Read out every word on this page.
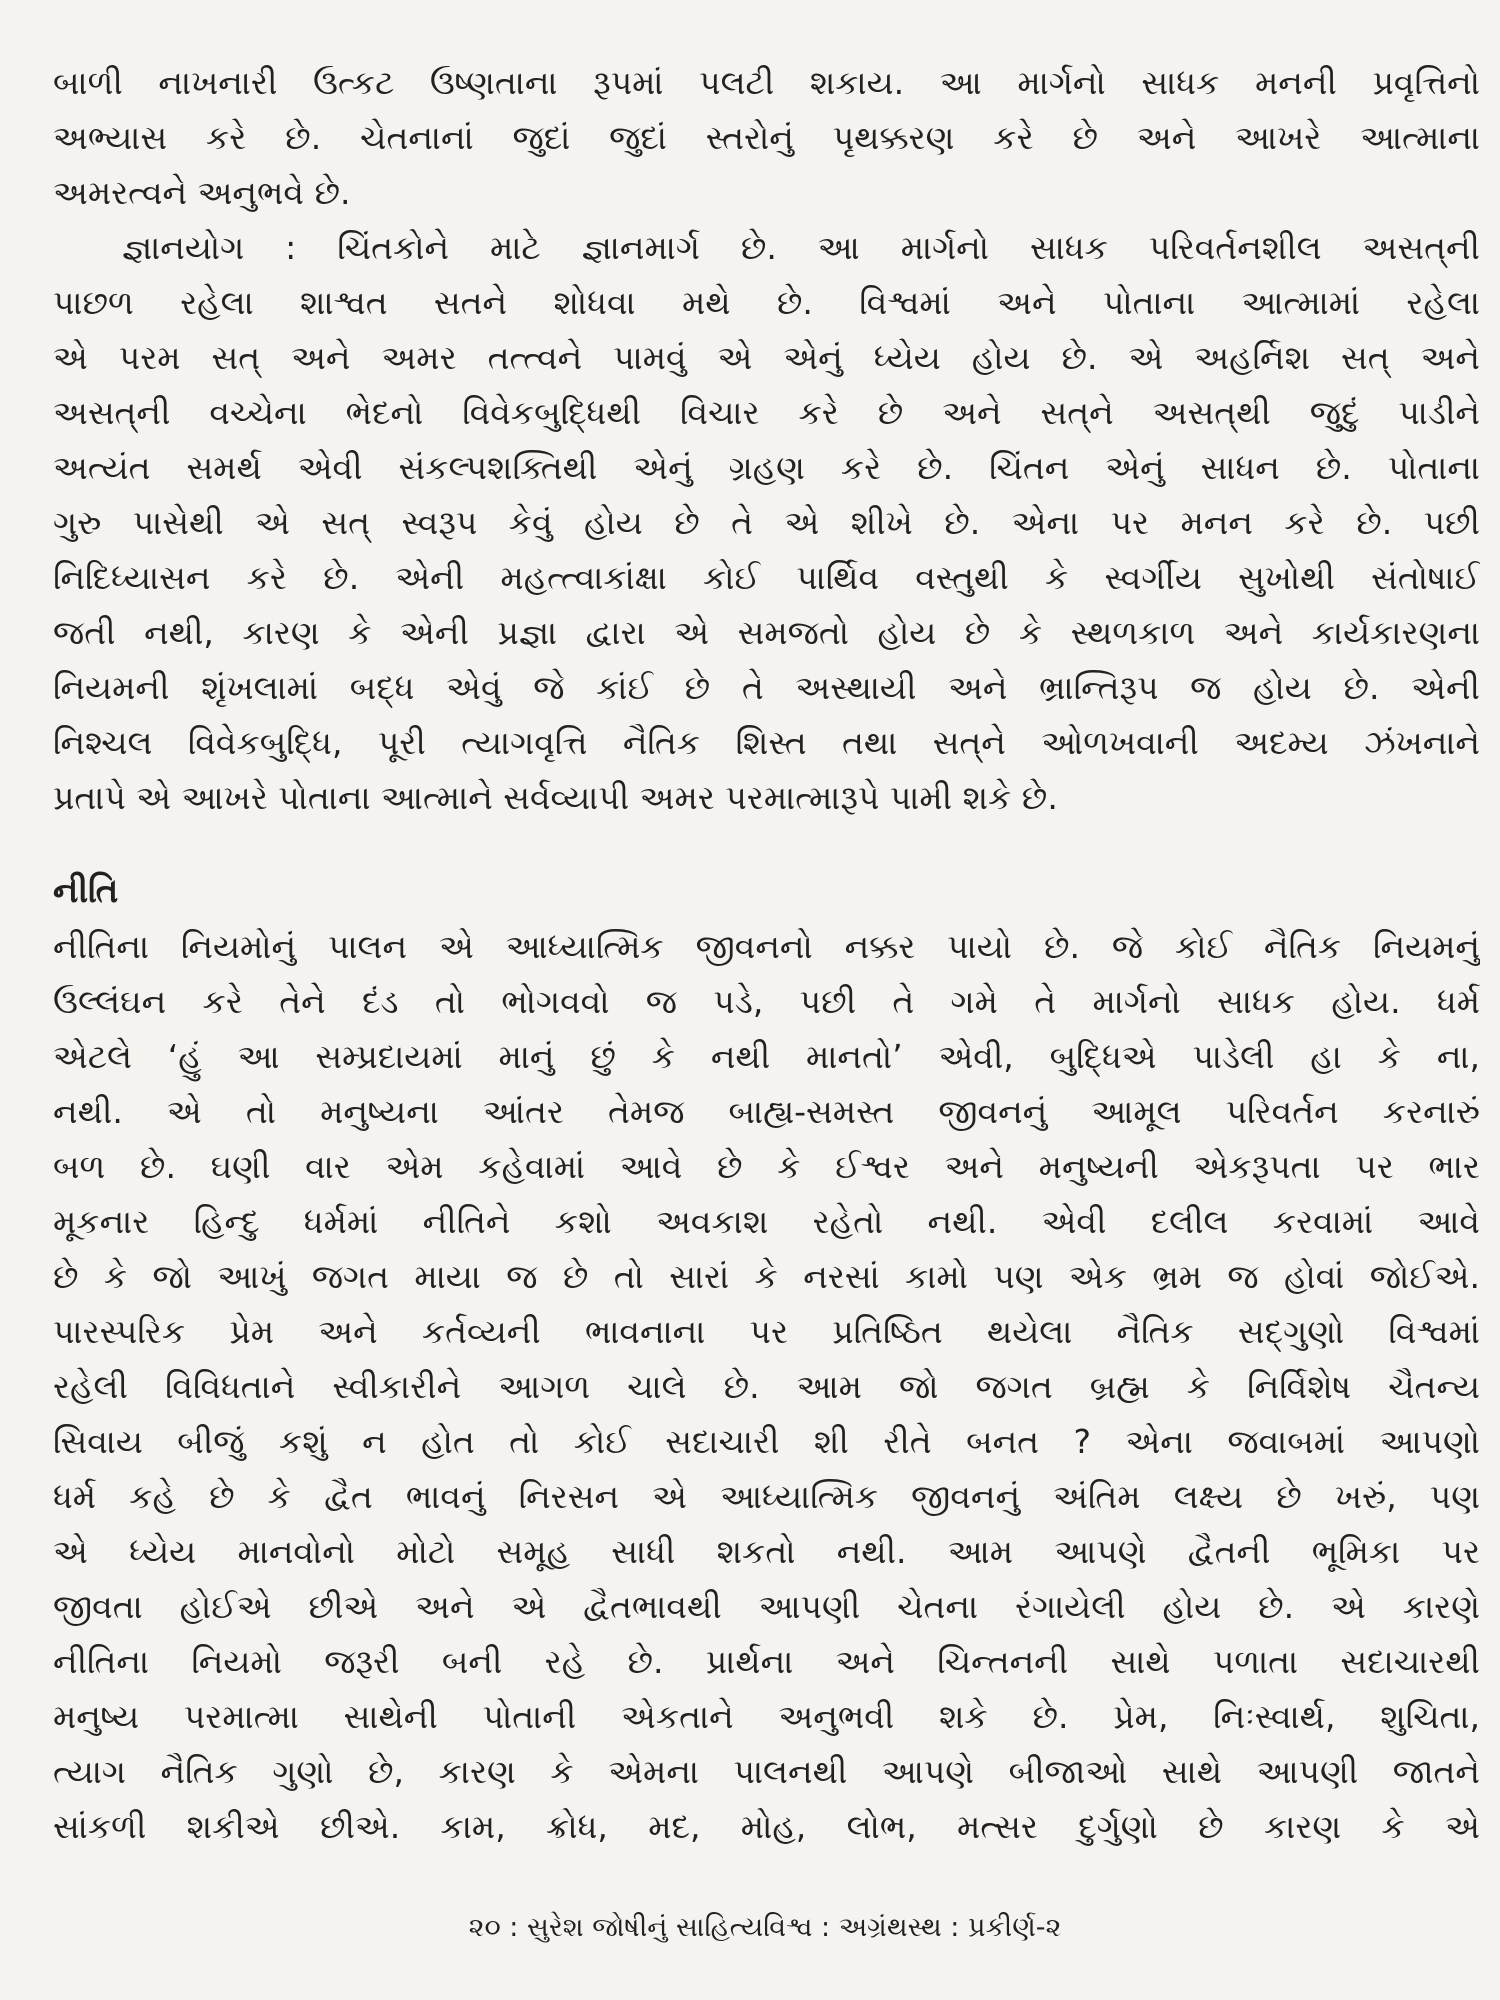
બાળી નાખનારી ઉત્કટ ઉષ્ણતાના રૂપમાં પલટી શકાય. આ માર્ગનો સાધક મનની પ્રવૃત્તિનો
અભ્યાસ કરે છે. ચેતનાનાં જુદાં જુદાં સ્તરોનું પૃથક્કરણ કરે છે અને આખરે આત્માના
અમરત્વને અનુભવે છે.
જ્ઞાનયોગ : ચિંતકોને માટે જ્ઞાનમાર્ગ છે. આ માર્ગનો સાધક પરિવર્તનશીલ અસત્‌ની
પાછળ રહેલા શાશ્વત સતને શોધવા મથે છે. વિશ્વમાં અને પોતાના આત્મામાં રહેલા
એ પરમ સત્‌ અને અમર તત્ત્વને પામવું એ એનું ધ્યેય હોય છે. એ અહર્નિશ સત્‌ અને
અસત્‌ની વચ્ચેના ભેદનો વિવેકબુદ્ધિથી વિચાર કરે છે અને સત્‌ને અસત્‌થી જુદું પાડીને
અત્યંત સમર્થ એવી સંકલ્પશક્તિથી એનું ગ્રહણ કરે છે. ચિંતન એનું સાધન છે. પોતાના
ગુરુ પાસેથી એ સત્‌ સ્વરૂપ કેવું હોય છે તે એ શીખે છે. એના પર મનન કરે છે. પછી
નિદિધ્યાસન કરે છે. એની મહત્ત્વાકાંક્ષા કોઈ પાર્થિવ વસ્તુથી કે સ્વર્ગીય સુખોથી સંતોષાઈ
જતી નથી, કારણ કે એની પ્રજ્ઞા દ્વારા એ સમજતો હોય છે કે સ્થળકાળ અને કાર્યકારણના
નિયમની શૃંખલામાં બદ્ધ એવું જે કાંઈ છે તે અસ્થાયી અને ભ્રાન્તિરૂપ જ હોય છે. એની
નિશ્ચલ વિવેકબુદ્ધિ, પૂરી ત્યાગવૃત્તિ નૈતિક શિસ્ત તથા સત્‌ને ઓળખવાની અદમ્ય ઝંખનાને
પ્રતાપે એ આખરે પોતાના આત્માને સર્વવ્યાપી અમર પરમાત્મારૂપે પામી શકે છે.
નીતિ
નીતિના નિયમોનું પાલન એ આધ્યાત્મિક જીવનનો નક્કર પાયો છે. જે કોઈ નૈતિક નિયમનું
ઉલ્લંઘન કરે તેને દંડ તો ભોગવવો જ પડે, પછી તે ગમે તે માર્ગનો સાધક હોય. ધર્મ
એટલે ‘હું આ સમ્પ્રદાયમાં માનું છું કે નથી માનતો’ એવી, બુદ્ધિએ પાડેલી હા કે ના,
નથી. એ તો મનુષ્યના આંતર તેમજ બાહ્ય-સમસ્ત જીવનનું આમૂલ પરિવર્તન કરનારું
બળ છે. ઘણી વાર એમ કહેવામાં આવે છે કે ઈશ્વર અને મનુષ્યની એકરૂપતા પર ભાર
મૂકનાર હિન્દુ ધર્મમાં નીતિને કશો અવકાશ રહેતો નથી. એવી દલીલ કરવામાં આવે
છે કે જો આખું જગત માયા જ છે તો સારાં કે નરસાં કામો પણ એક ભ્રમ જ હોવાં જોઈએ.
પારસ્પરિક પ્રેમ અને કર્તવ્યની ભાવનાના પર પ્રતિષ્ઠિત થયેલા નૈતિક સદ્‌ગુણો વિશ્વમાં
રહેલી વિવિધતાને સ્વીકારીને આગળ ચાલે છે. આમ જો જગત બ્રહ્મ કે નિર્વિશેષ ચૈતન્ય
સિવાય બીજું કશું ન હોત તો કોઈ સદાચારી શી રીતે બનત ? એના જવાબમાં આપણો
ધર્મ કહે છે કે દ્વૈત ભાવનું નિરસન એ આધ્યાત્મિક જીવનનું અંતિમ લક્ષ્ય છે ખરું, પણ
એ ધ્યેય માનવોનો મોટો સમૂહ સાધી શકતો નથી. આમ આપણે દ્વૈતની ભૂમિકા પર
જીવતા હોઈએ છીએ અને એ દ્વૈતભાવથી આપણી ચેતના રંગાયેલી હોય છે. એ કારણે
નીતિના નિયમો જરૂરી બની રહે છે. પ્રાર્થના અને ચિન્તનની સાથે પળાતા સદાચારથી
મનુષ્ય પરમાત્મા સાથેની પોતાની એકતાને અનુભવી શકે છે. પ્રેમ, નિઃસ્વાર્થ, શુચિતા,
ત્યાગ નૈતિક ગુણો છે, કારણ કે એમના પાલનથી આપણે બીજાઓ સાથે આપણી જાતને
સાંકળી શકીએ છીએ. કામ, ક્રોધ, મદ, મોહ, લોભ, મત્સર દુર્ગુણો છે કારણ કે એ
૨૦ : સુરેશ જોષીનું સાહિત્યવિશ્વ : અગ્રંથસ્થ : પ્રકીર્ણ-૨
